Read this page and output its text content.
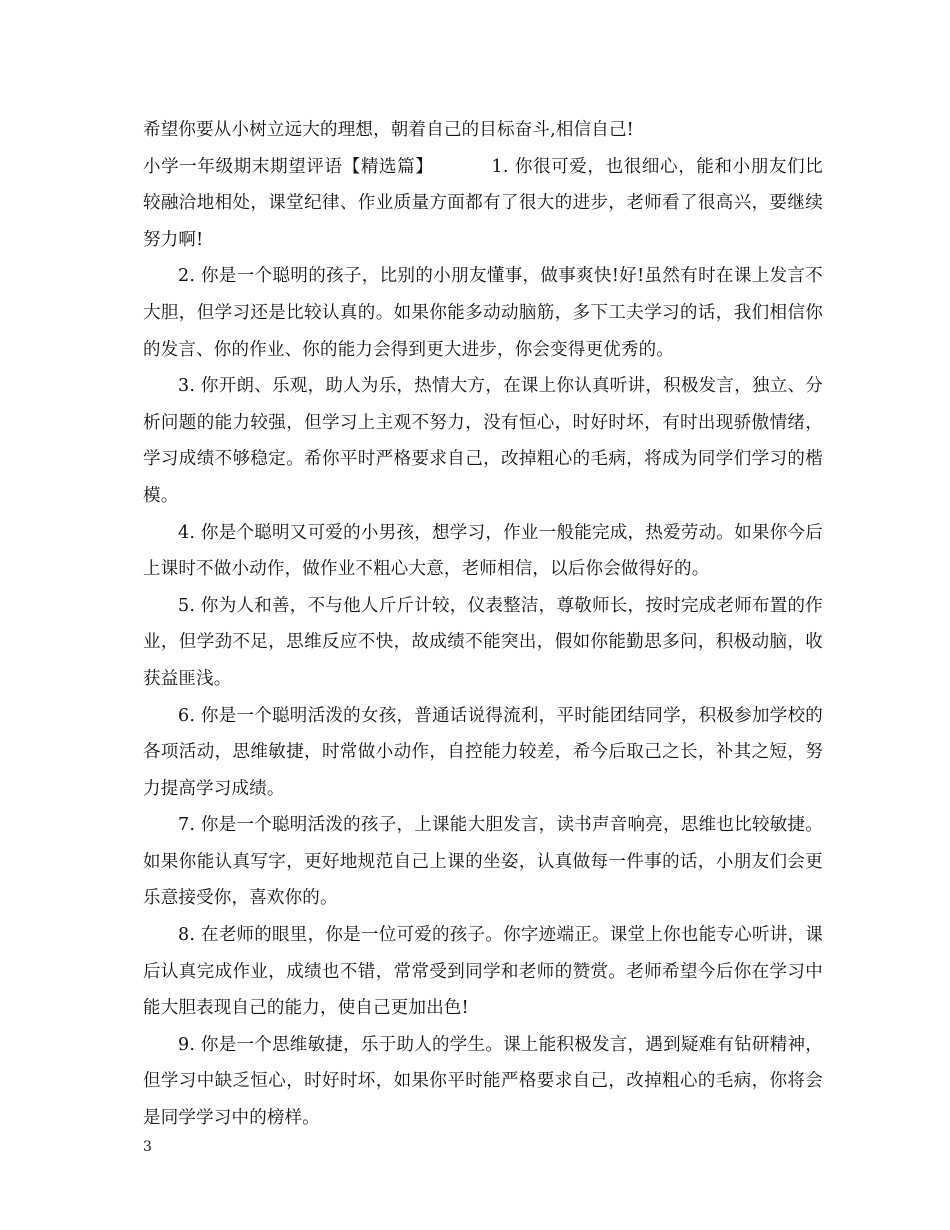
希望你要从小树立远大的理想，朝着自己的目标奋斗,相信自己!

小学一年级期末期望评语【精选篇】	1. 你很可爱，也很细心，能和小朋友们比较融洽地相处，课堂纪律、作业质量方面都有了很大的进步，老师看了很高兴，要继续努力啊!

2. 你是一个聪明的孩子，比别的小朋友懂事，做事爽快!好!虽然有时在课上发言不大胆，但学习还是比较认真的。如果你能多动动脑筋，多下工夫学习的话，我们相信你的发言、你的作业、你的能力会得到更大进步，你会变得更优秀的。

3. 你开朗、乐观，助人为乐，热情大方，在课上你认真听讲，积极发言，独立、分析问题的能力较强，但学习上主观不努力，没有恒心，时好时坏，有时出现骄傲情绪，学习成绩不够稳定。希你平时严格要求自己，改掉粗心的毛病，将成为同学们学习的楷模。

4. 你是个聪明又可爱的小男孩，想学习，作业一般能完成，热爱劳动。如果你今后上课时不做小动作，做作业不粗心大意，老师相信，以后你会做得好的。

5. 你为人和善，不与他人斤斤计较，仪表整洁，尊敬师长，按时完成老师布置的作业，但学劲不足，思维反应不快，故成绩不能突出，假如你能勤思多问，积极动脑，收获益匪浅。

6. 你是一个聪明活泼的女孩，普通话说得流利，平时能团结同学，积极参加学校的各项活动，思维敏捷，时常做小动作，自控能力较差，希今后取己之长，补其之短，努力提高学习成绩。

7. 你是一个聪明活泼的孩子，上课能大胆发言，读书声音响亮，思维也比较敏捷。如果你能认真写字，更好地规范自己上课的坐姿，认真做每一件事的话，小朋友们会更乐意接受你，喜欢你的。

8. 在老师的眼里，你是一位可爱的孩子。你字迹端正。课堂上你也能专心听讲，课后认真完成作业，成绩也不错，常常受到同学和老师的赞赏。老师希望今后你在学习中能大胆表现自己的能力，使自己更加出色!

9. 你是一个思维敏捷，乐于助人的学生。课上能积极发言，遇到疑难有钻研精神，但学习中缺乏恒心，时好时坏，如果你平时能严格要求自己，改掉粗心的毛病，你将会是同学学习中的榜样。

3
